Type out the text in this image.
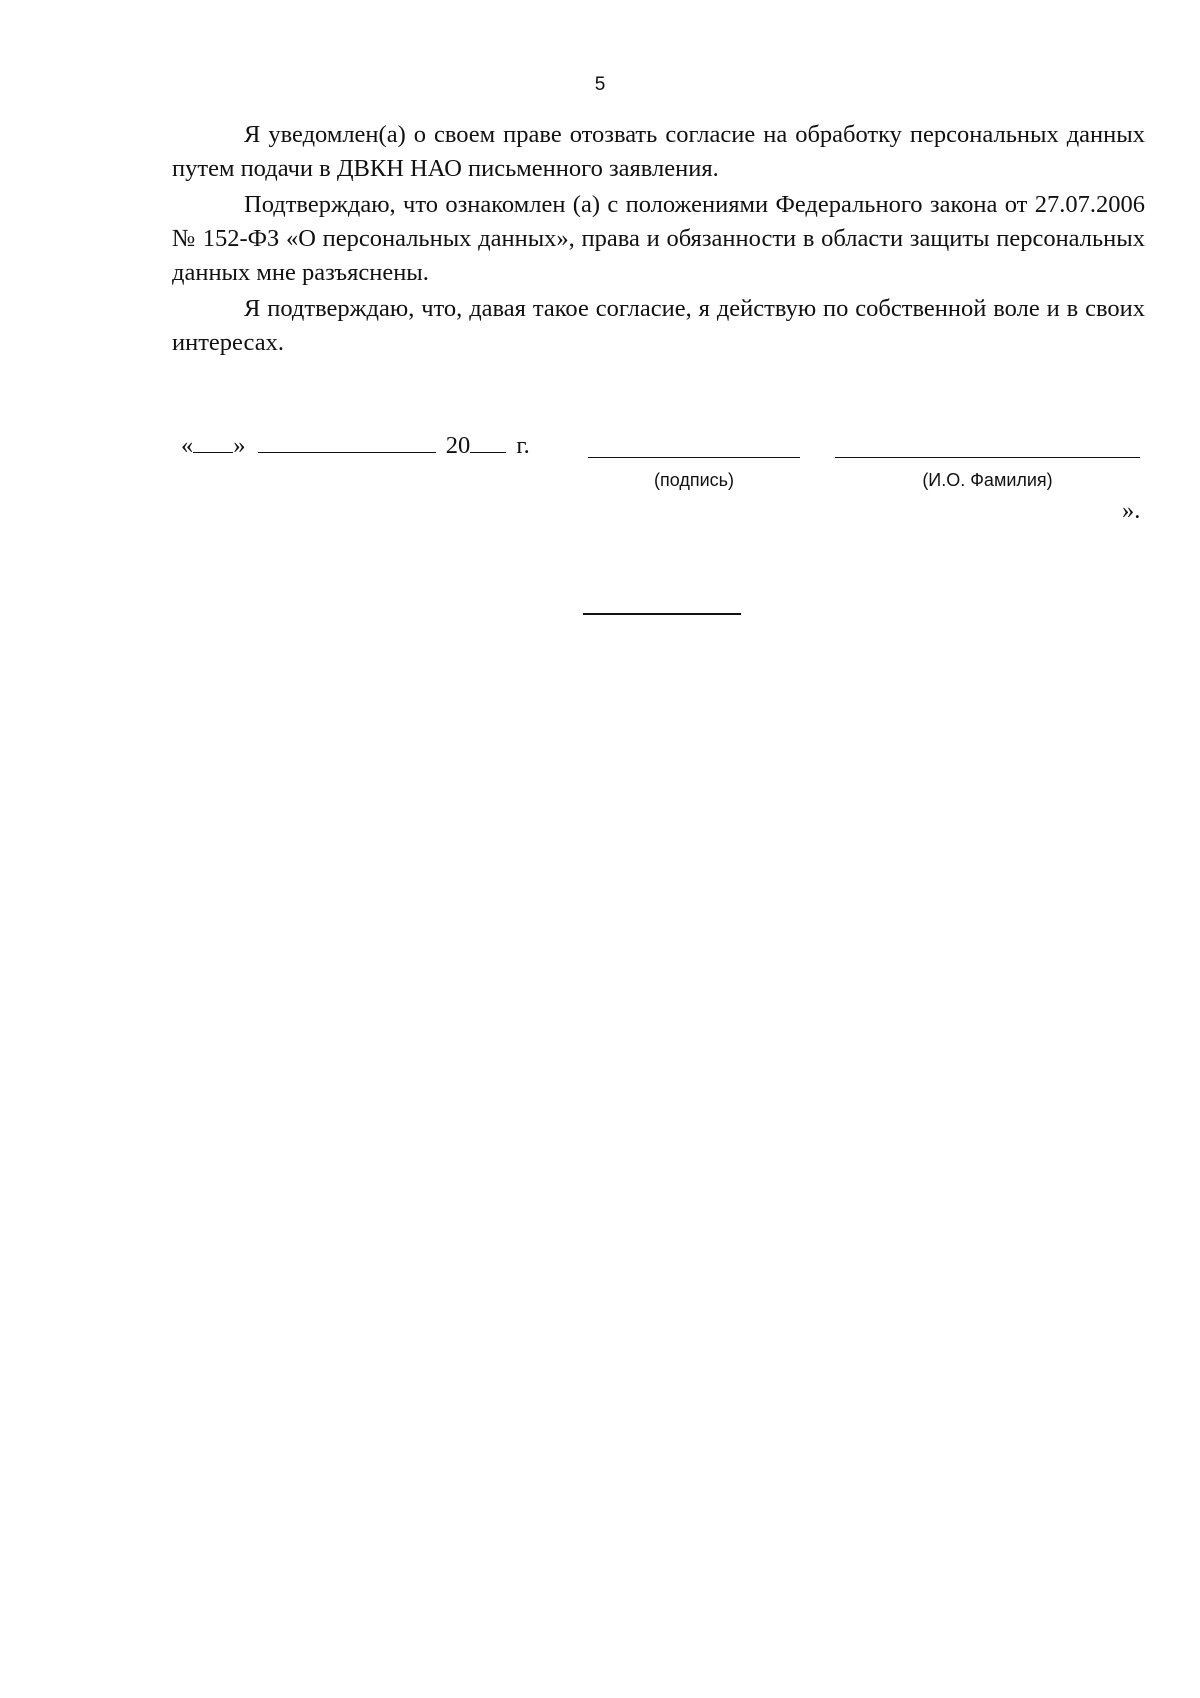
5

Я уведомлен(а) о своем праве отозвать согласие на обработку персональных данных путем подачи в ДВКН НАО письменного заявления.

Подтверждаю, что ознакомлен (а) с положениями Федерального закона от 27.07.2006 № 152-ФЗ «О персональных данных», права и обязанности в области защиты персональных данных мне разъяснены.

Я подтверждаю, что, давая такое согласие, я действую по собственной воле и в своих интересах.

« »	20 г.
(подпись)	(И.О. Фамилия)
».
